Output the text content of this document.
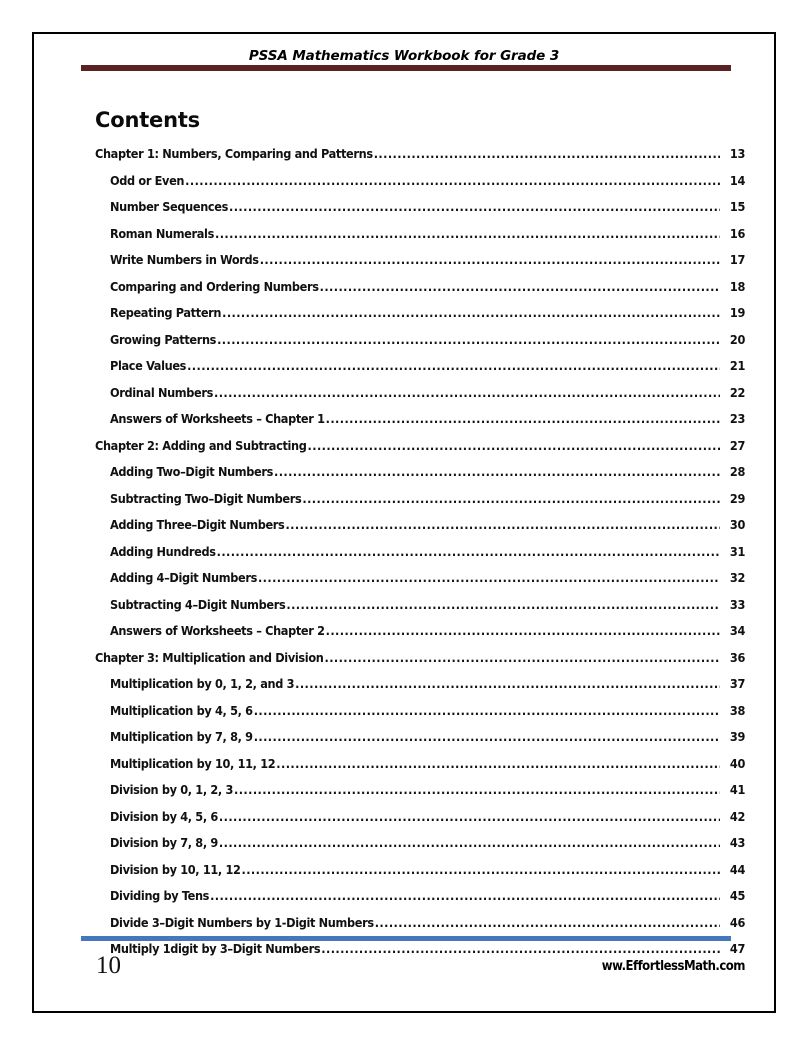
PSSA Mathematics Workbook for Grade 3
Contents
Chapter 1: Numbers, Comparing and Patterns .....	13
Odd or Even .....	14
Number Sequences .....	15
Roman Numerals .....	16
Write Numbers in Words .....	17
Comparing and Ordering Numbers .....	18
Repeating Pattern .....	19
Growing Patterns .....	20
Place Values .....	21
Ordinal Numbers .....	22
Answers of Worksheets – Chapter 1 .....	23
Chapter 2: Adding and Subtracting .....	27
Adding Two–Digit Numbers .....	28
Subtracting Two–Digit Numbers .....	29
Adding Three–Digit Numbers .....	30
Adding Hundreds .....	31
Adding 4–Digit Numbers .....	32
Subtracting 4–Digit Numbers .....	33
Answers of Worksheets – Chapter 2 .....	34
Chapter 3: Multiplication and Division .....	36
Multiplication by 0, 1, 2, and 3 .....	37
Multiplication by 4, 5, 6 .....	38
Multiplication by 7, 8, 9 .....	39
Multiplication by 10, 11, 12 .....	40
Division by 0, 1, 2, 3 .....	41
Division by 4, 5, 6 .....	42
Division by 7, 8, 9 .....	43
Division by 10, 11, 12 .....	44
Dividing by Tens .....	45
Divide 3–Digit Numbers by 1-Digit Numbers .....	46
Multiply 1digit by 3–Digit Numbers .....	47
10	ww.EffortlessMath.com
